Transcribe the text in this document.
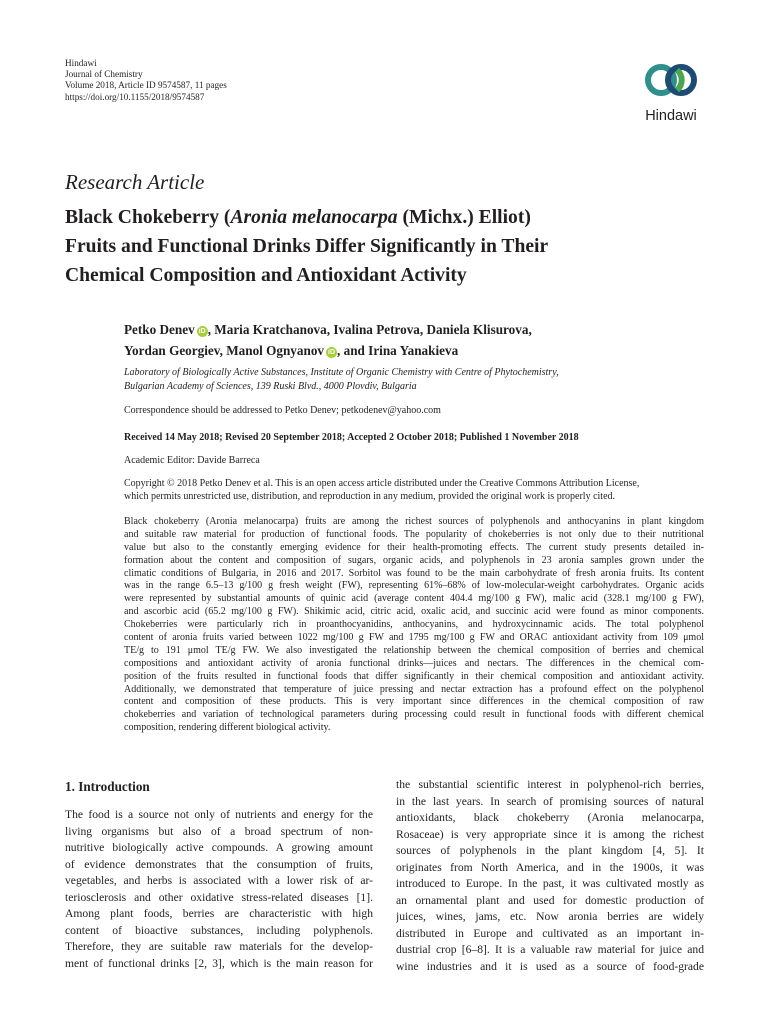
Hindawi
Journal of Chemistry
Volume 2018, Article ID 9574587, 11 pages
https://doi.org/10.1155/2018/9574587
Hindawi
Research Article
Black Chokeberry (Aronia melanocarpa (Michx.) Elliot)
Fruits and Functional Drinks Differ Significantly in Their
Chemical Composition and Antioxidant Activity
Petko Denev iD , Maria Kratchanova, Ivalina Petrova, Daniela Klisurova,
Yordan Georgiev, Manol Ognyanov iD , and Irina Yanakieva
Laboratory of Biologically Active Substances, Institute of Organic Chemistry with Centre of Phytochemistry,
Bulgarian Academy of Sciences, 139 Ruski Blvd., 4000 Plovdiv, Bulgaria
Correspondence should be addressed to Petko Denev; petkodenev@yahoo.com
Received 14 May 2018; Revised 20 September 2018; Accepted 2 October 2018; Published 1 November 2018
Academic Editor: Davide Barreca
Copyright © 2018 Petko Denev et al. This is an open access article distributed under the Creative Commons Attribution License,
which permits unrestricted use, distribution, and reproduction in any medium, provided the original work is properly cited.
Black chokeberry (Aronia melanocarpa) fruits are among the richest sources of polyphenols and anthocyanins in plant kingdom
and suitable raw material for production of functional foods. The popularity of chokeberries is not only due to their nutritional
value but also to the constantly emerging evidence for their health-promoting effects. The current study presents detailed in-
formation about the content and composition of sugars, organic acids, and polyphenols in 23 aronia samples grown under the
climatic conditions of Bulgaria, in 2016 and 2017. Sorbitol was found to be the main carbohydrate of fresh aronia fruits. Its content
was in the range 6.5–13 g/100 g fresh weight (FW), representing 61%–68% of low-molecular-weight carbohydrates. Organic acids
were represented by substantial amounts of quinic acid (average content 404.4 mg/100 g FW), malic acid (328.1 mg/100 g FW),
and ascorbic acid (65.2 mg/100 g FW). Shikimic acid, citric acid, oxalic acid, and succinic acid were found as minor components.
Chokeberries were particularly rich in proanthocyanidins, anthocyanins, and hydroxycinnamic acids. The total polyphenol
content of aronia fruits varied between 1022 mg/100 g FW and 1795 mg/100 g FW and ORAC antioxidant activity from 109 μmol
TE/g to 191 μmol TE/g FW. We also investigated the relationship between the chemical composition of berries and chemical
compositions and antioxidant activity of aronia functional drinks—juices and nectars. The differences in the chemical com-
position of the fruits resulted in functional foods that differ significantly in their chemical composition and antioxidant activity.
Additionally, we demonstrated that temperature of juice pressing and nectar extraction has a profound effect on the polyphenol
content and composition of these products. This is very important since differences in the chemical composition of raw
chokeberries and variation of technological parameters during processing could result in functional foods with different chemical
composition, rendering different biological activity.
1. Introduction
The food is a source not only of nutrients and energy for the
living organisms but also of a broad spectrum of non-
nutritive biologically active compounds. A growing amount
of evidence demonstrates that the consumption of fruits,
vegetables, and herbs is associated with a lower risk of ar-
teriosclerosis and other oxidative stress-related diseases [1].
Among plant foods, berries are characteristic with high
content of bioactive substances, including polyphenols.
Therefore, they are suitable raw materials for the develop-
ment of functional drinks [2, 3], which is the main reason for
the substantial scientific interest in polyphenol-rich berries,
in the last years. In search of promising sources of natural
antioxidants, black chokeberry (Aronia melanocarpa,
Rosaceae) is very appropriate since it is among the richest
sources of polyphenols in the plant kingdom [4, 5]. It
originates from North America, and in the 1900s, it was
introduced to Europe. In the past, it was cultivated mostly as
an ornamental plant and used for domestic production of
juices, wines, jams, etc. Now aronia berries are widely
distributed in Europe and cultivated as an important in-
dustrial crop [6–8]. It is a valuable raw material for juice and
wine industries and it is used as a source of food-grade
